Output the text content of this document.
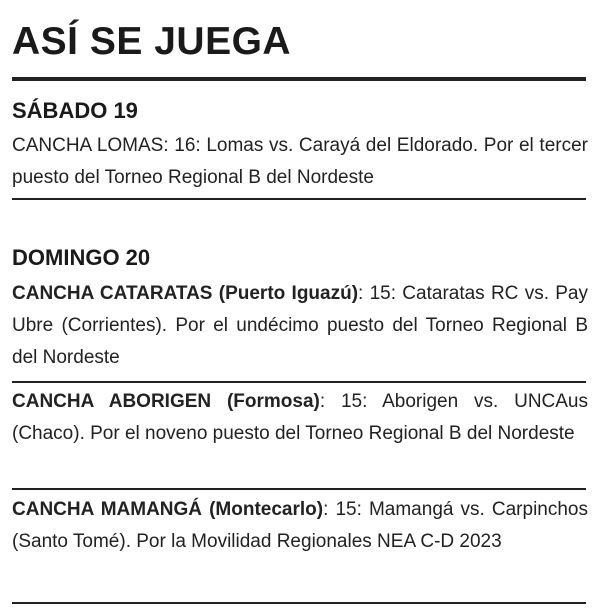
ASÍ SE JUEGA
SÁBADO 19
CANCHA LOMAS: 16: Lomas vs. Carayá del Eldorado. Por el tercer puesto del Torneo Regional B del Nordeste
DOMINGO 20
CANCHA CATARATAS (Puerto Iguazú): 15: Cataratas RC vs. Pay Ubre (Corrientes). Por el undécimo puesto del Torneo Regional B del Nordeste
CANCHA ABORIGEN (Formosa): 15: Aborigen vs. UNCAus (Chaco). Por el noveno puesto del Torneo Regional B del Nordeste
CANCHA MAMANGÁ (Montecarlo): 15: Mamangá vs. Carpinchos (Santo Tomé). Por la Movilidad Regionales NEA C-D 2023
